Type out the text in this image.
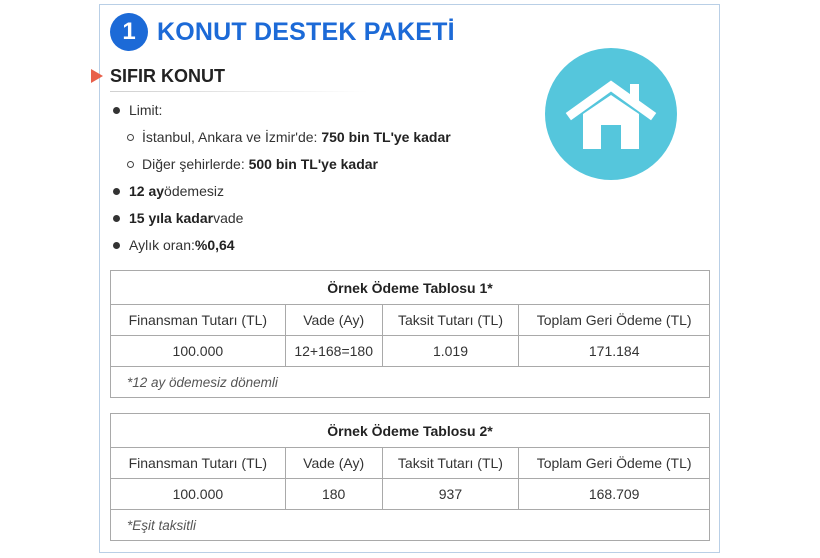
1 KONUT DESTEK PAKETİ
SIFIR KONUT
Limit:
İstanbul, Ankara ve İzmir'de:
750 bin TL'ye kadar
Diğer şehirlerde:
500 bin TL'ye kadar
12 ay ödemesiz
15 yıla kadar vade
Aylık oran: %0,64
Örnek Ödeme Tablosu 1*			
Finansman Tutarı (TL)	Vade (Ay)	Taksit Tutarı (TL)	Toplam Geri Ödeme (TL)
100.000	12+168=180	1.019	171.184
*12 ay ödemesiz dönemli			
Örnek Ödeme Tablosu 2*			
Finansman Tutarı (TL)	Vade (Ay)	Taksit Tutarı (TL)	Toplam Geri Ödeme (TL)
100.000	180	937	168.709
*Eşit taksitli			
